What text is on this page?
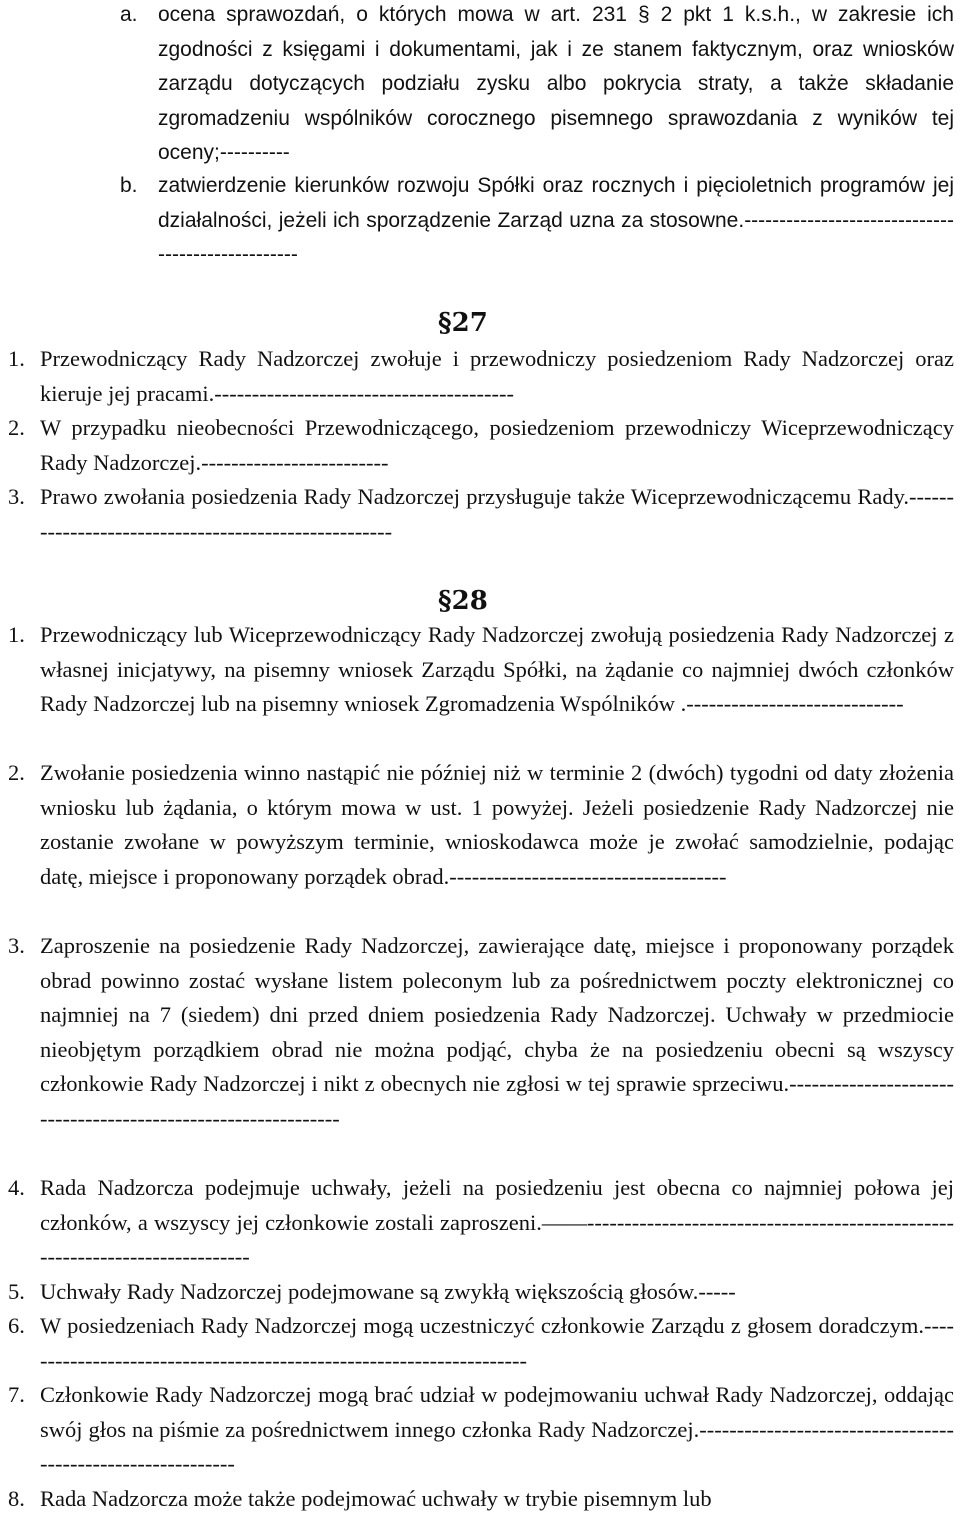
a. ocena sprawozdań, o których mowa w art. 231 § 2 pkt 1 k.s.h., w zakresie ich zgodności z księgami i dokumentami, jak i ze stanem faktycznym, oraz wniosków zarządu dotyczących podziału zysku albo pokrycia straty, a także składanie zgromadzeniu wspólników corocznego pisemnego sprawozdania z wyników tej oceny;----------
b. zatwierdzenie kierunków rozwoju Spółki oraz rocznych i pięcioletnich programów jej działalności, jeżeli ich sporządzenie Zarząd uzna za stosowne.--------------------------------------------------
§27
1. Przewodniczący Rady Nadzorczej zwołuje i przewodniczy posiedzeniom Rady Nadzorczej oraz kieruje jej pracami.----------------------------------------
2. W przypadku nieobecności Przewodniczącego, posiedzeniom przewodniczy Wiceprzewodniczący Rady Nadzorczej.-------------------------
3. Prawo zwołania posiedzenia Rady Nadzorczej przysługuje także Wiceprzewodniczącemu Rady.-----------------------------------------------------
§28
1. Przewodniczący lub Wiceprzewodniczący Rady Nadzorczej zwołują posiedzenia Rady Nadzorczej z własnej inicjatywy, na pisemny wniosek Zarządu Spółki, na żądanie co najmniej dwóch członków Rady Nadzorczej lub na pisemny wniosek Zgromadzenia Wspólników .-----------------------------
2. Zwołanie posiedzenia winno nastąpić nie później niż w terminie 2 (dwóch) tygodni od daty złożenia wniosku lub żądania, o którym mowa w ust. 1 powyżej. Jeżeli posiedzenie Rady Nadzorczej nie zostanie zwołane w powyższym terminie, wnioskodawca może je zwołać samodzielnie, podając datę, miejsce i proponowany porządek obrad.-------------------------------------
3. Zaproszenie na posiedzenie Rady Nadzorczej, zawierające datę, miejsce i proponowany porządek obrad powinno zostać wysłane listem poleconym lub za pośrednictwem poczty elektronicznej co najmniej na 7 (siedem) dni przed dniem posiedzenia Rady Nadzorczej. Uchwały w przedmiocie nieobjętym porządkiem obrad nie można podjąć, chyba że na posiedzeniu obecni są wszyscy członkowie Rady Nadzorczej i nikt z obecnych nie zgłosi w tej sprawie sprzeciwu.--------------------------------------------------------------
4. Rada Nadzorcza podejmuje uchwały, jeżeli na posiedzeniu jest obecna co najmniej połowa jej członków, a wszyscy jej członkowie zostali zaproszeni.——-----------------------------------------------------------------------------
5. Uchwały Rady Nadzorczej podejmowane są zwykłą większością głosów.-----
6. W posiedzeniach Rady Nadzorczej mogą uczestniczyć członkowie Zarządu z głosem doradczym.---------------------------------------------------------------------
7. Członkowie Rady Nadzorczej mogą brać udział w podejmowaniu uchwał Rady Nadzorczej, oddając swój głos na piśmie za pośrednictwem innego członka Rady Nadzorczej.------------------------------------------------------------
8. Rada Nadzorcza może także podejmować uchwały w trybie pisemnym lub
